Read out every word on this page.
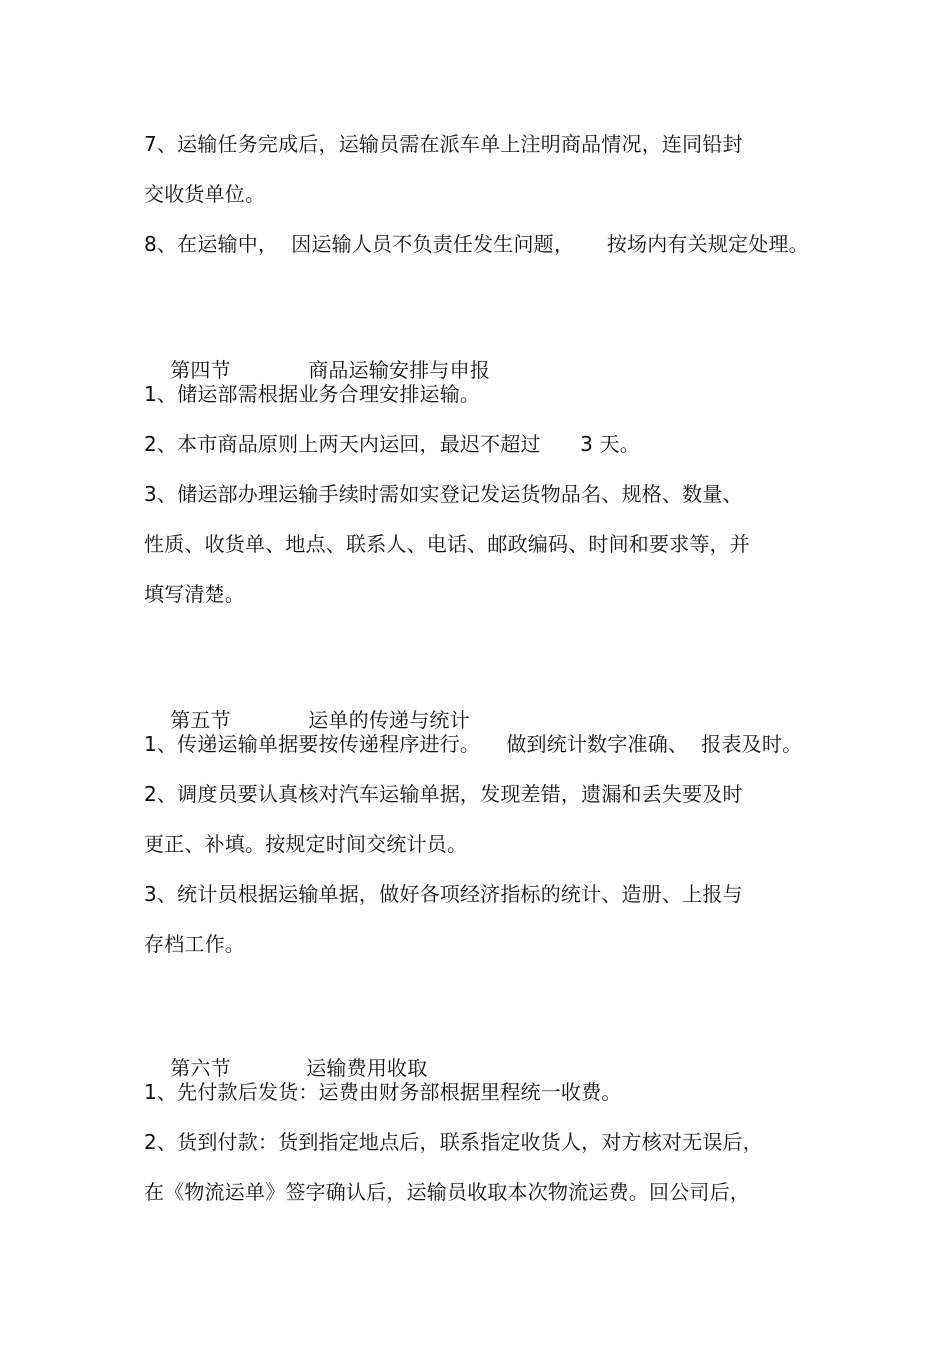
7、运输任务完成后，运输员需在派车单上注明商品情况，连同铅封
交收货单位。
8、在运输中，  因运输人员不负责任发生问题，     按场内有关规定处理。

第四节	商品运输安排与申报

1、储运部需根据业务合理安排运输。
2、本市商品原则上两天内运回，最迟不超过      3 天。
3、储运部办理运输手续时需如实登记发运货物品名、规格、数量、
性质、收货单、地点、联系人、电话、邮政编码、时间和要求等，并
填写清楚。

第五节	运单的传递与统计

1、传递运输单据要按传递程序进行。    做到统计数字准确、  报表及时。
2、调度员要认真核对汽车运输单据，发现差错，遗漏和丢失要及时
更正、补填。按规定时间交统计员。
3、统计员根据运输单据，做好各项经济指标的统计、造册、上报与
存档工作。

第六节	运输费用收取

1、先付款后发货：运费由财务部根据里程统一收费。
2、货到付款：货到指定地点后，联系指定收货人，对方核对无误后，
在《物流运单》签字确认后，运输员收取本次物流运费。回公司后，
